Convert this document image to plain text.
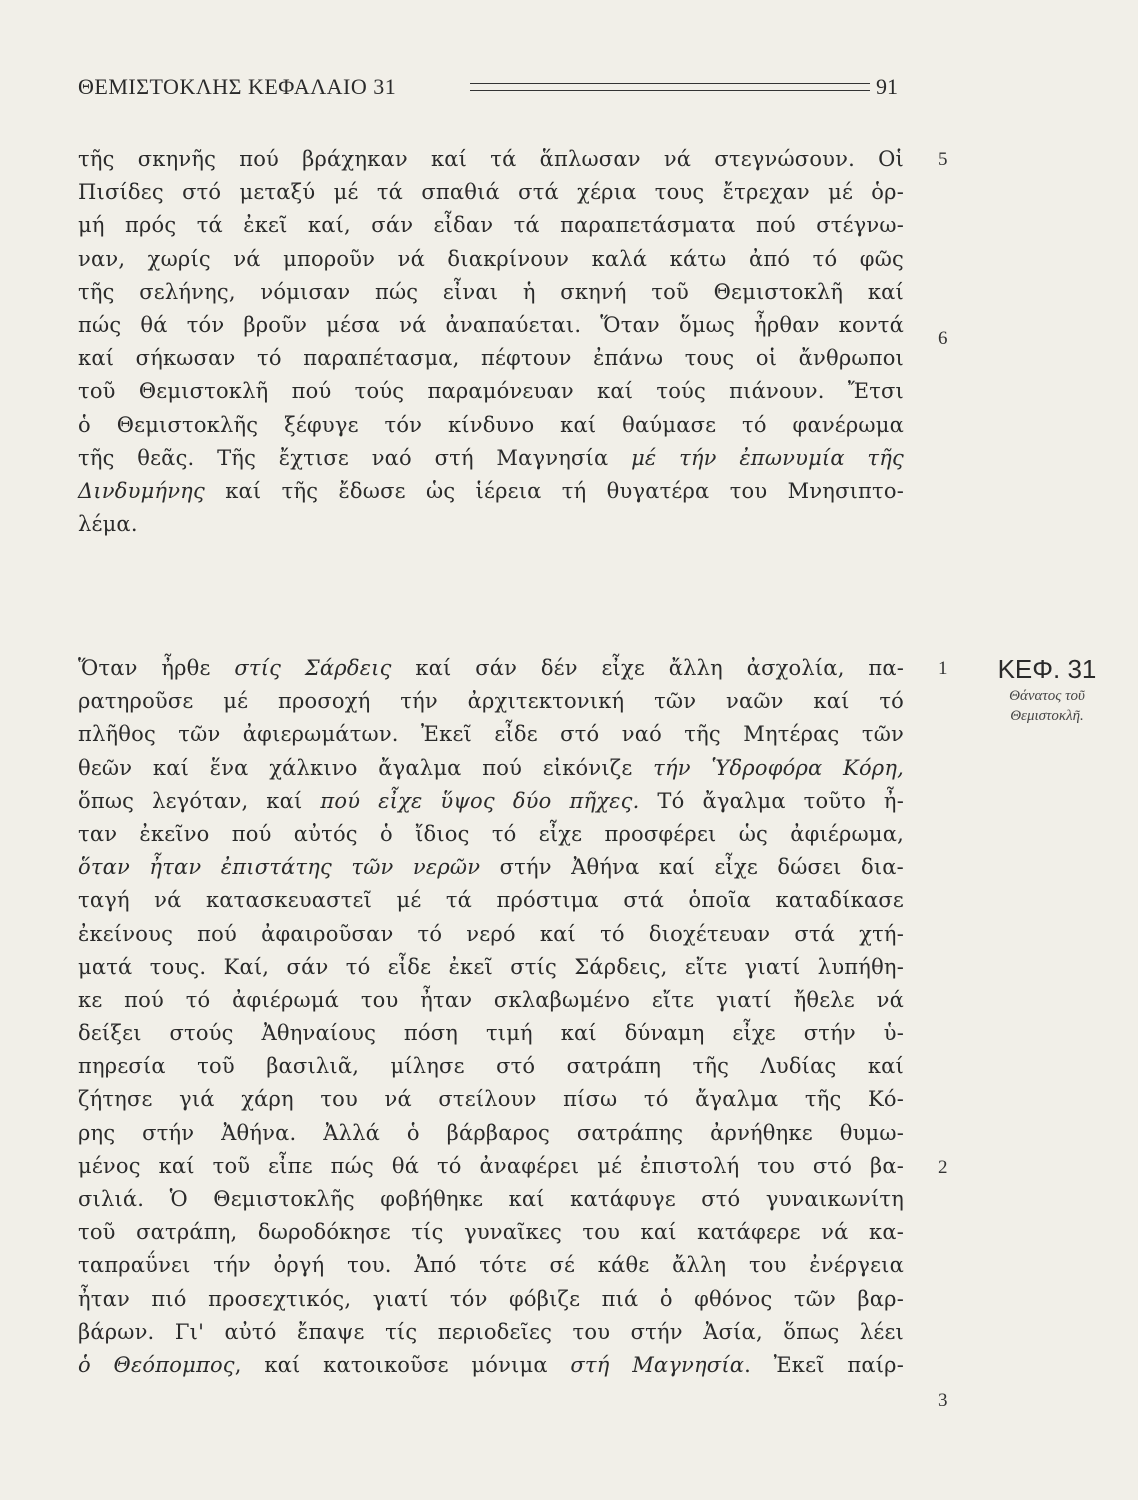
ΘΕΜΙΣΤΟΚΛΗΣ ΚΕΦΑΛΑΙΟ 31	91
τῆς σκηνῆς πού βράχηκαν καί τά ἅπλωσαν νά στεγνώσουν. Οἱ
Πισίδες στό μεταξύ μέ τά σπαθιά στά χέρια τους ἔτρεχαν μέ ὁρ-
μή πρός τά ἐκεῖ καί, σάν εἶδαν τά παραπετάσματα πού στέγνω-
ναν, χωρίς νά μποροῦν νά διακρίνουν καλά κάτω ἀπό τό φῶς
τῆς σελήνης, νόμισαν πώς εἶναι ἡ σκηνή τοῦ Θεμιστοκλῆ καί
πώς θά τόν βροῦν μέσα νά ἀναπαύεται. Ὅταν ὅμως ἦρθαν κοντά
καί σήκωσαν τό παραπέτασμα, πέφτουν ἐπάνω τους οἱ ἄνθρωποι
τοῦ Θεμιστοκλῆ πού τούς παραμόνευαν καί τούς πιάνουν. Ἔτσι
ὁ Θεμιστοκλῆς ξέφυγε τόν κίνδυνο καί θαύμασε τό φανέρωμα
τῆς θεᾶς. Τῆς ἔχτισε ναό στή Μαγνησία μέ τήν ἐπωνυμία τῆς
Δινδυμήνης καί τῆς ἔδωσε ὡς ἱέρεια τή θυγατέρα του Μνησιπτο-
λέμα.
Ὅταν ἦρθε στίς Σάρδεις καί σάν δέν εἶχε ἄλλη ἀσχολία, πα-
ρατηροῦσε μέ προσοχή τήν ἀρχιτεκτονική τῶν ναῶν καί τό
πλῆθος τῶν ἀφιερωμάτων. Ἐκεῖ εἶδε στό ναό τῆς Μητέρας τῶν
θεῶν καί ἕνα χάλκινο ἄγαλμα πού εἰκόνιζε τήν Ὑδροφόρα Κόρη,
ὅπως λεγόταν, καί πού εἶχε ὕψος δύο πῆχες. Τό ἄγαλμα τοῦτο ἦ-
ταν ἐκεῖνο πού αὐτός ὁ ἴδιος τό εἶχε προσφέρει ὡς ἀφιέρωμα,
ὅταν ἦταν ἐπιστάτης τῶν νερῶν στήν Ἀθήνα καί εἶχε δώσει δια-
ταγή νά κατασκευαστεῖ μέ τά πρόστιμα στά ὁποῖα καταδίκασε
ἐκείνους πού ἀφαιροῦσαν τό νερό καί τό διοχέτευαν στά χτή-
ματά τους. Καί, σάν τό εἶδε ἐκεῖ στίς Σάρδεις, εἴτε γιατί λυπήθη-
κε πού τό ἀφιέρωμά του ἦταν σκλαβωμένο εἴτε γιατί ἤθελε νά
δείξει στούς Ἀθηναίους πόση τιμή καί δύναμη εἶχε στήν ὑ-
πηρεσία τοῦ βασιλιᾶ, μίλησε στό σατράπη τῆς Λυδίας καί
ζήτησε γιά χάρη του νά στείλουν πίσω τό ἄγαλμα τῆς Κό-
ρης στήν Ἀθήνα. Ἀλλά ὁ βάρβαρος σατράπης ἀρνήθηκε θυμω-
μένος καί τοῦ εἶπε πώς θά τό ἀναφέρει μέ ἐπιστολή του στό βα-
σιλιά. Ὁ Θεμιστοκλῆς φοβήθηκε καί κατάφυγε στό γυναικωνίτη
τοῦ σατράπη, δωροδόκησε τίς γυναῖκες του καί κατάφερε νά κα-
ταπραΰνει τήν ὀργή του. Ἀπό τότε σέ κάθε ἄλλη του ἐνέργεια
ἦταν πιό προσεχτικός, γιατί τόν φόβιζε πιά ὁ φθόνος τῶν βαρ-
βάρων. Γι' αὐτό ἔπαψε τίς περιοδεῖες του στήν Ἀσία, ὅπως λέει
ὁ Θεόπομπος, καί κατοικοῦσε μόνιμα στή Μαγνησία. Ἐκεῖ παίρ-
5
6
1
2
3
ΚΕΦ. 31
Θάνατος τοῦ
Θεμιστοκλῆ.
